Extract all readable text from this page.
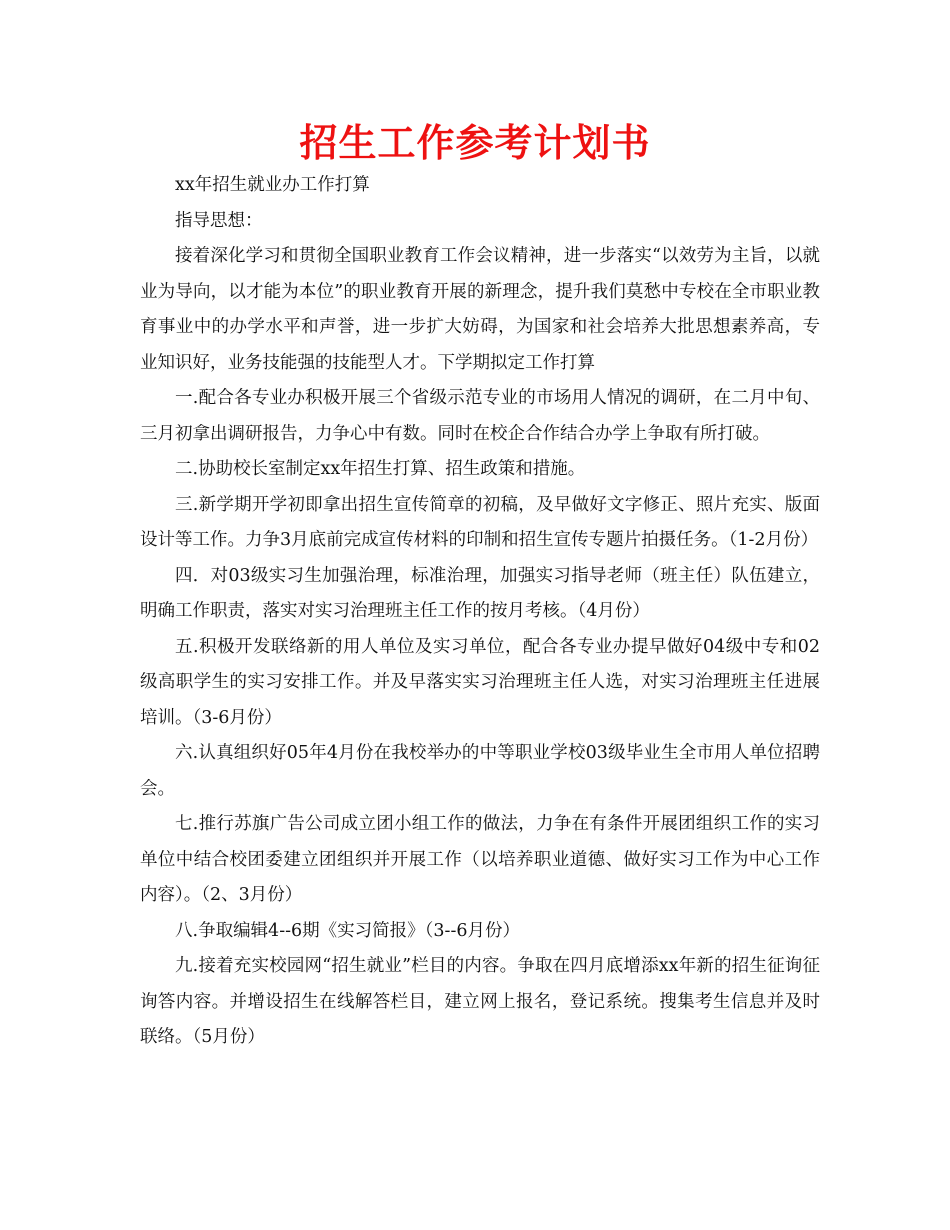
招生工作参考计划书

xx年招生就业办工作打算

指导思想：

接着深化学习和贯彻全国职业教育工作会议精神，进一步落实“以效劳为主旨，以就业为导向，以才能为本位”的职业教育开展的新理念，提升我们莫愁中专校在全市职业教育事业中的办学水平和声誉，进一步扩大妨碍，为国家和社会培养大批思想素养高，专业知识好，业务技能强的技能型人才。下学期拟定工作打算

一.配合各专业办积极开展三个省级示范专业的市场用人情况的调研，在二月中旬、三月初拿出调研报告，力争心中有数。同时在校企合作结合办学上争取有所打破。

二.协助校长室制定xx年招生打算、招生政策和措施。

三.新学期开学初即拿出招生宣传简章的初稿，及早做好文字修正、照片充实、版面设计等工作。力争3月底前完成宣传材料的印制和招生宣传专题片拍摄任务。（1-2月份）

四．对03级实习生加强治理，标准治理，加强实习指导老师（班主任）队伍建立，明确工作职责，落实对实习治理班主任工作的按月考核。（4月份）

五.积极开发联络新的用人单位及实习单位，配合各专业办提早做好04级中专和02级高职学生的实习安排工作。并及早落实实习治理班主任人选，对实习治理班主任进展培训。（3-6月份）

六.认真组织好05年4月份在我校举办的中等职业学校03级毕业生全市用人单位招聘会。

七.推行苏旗广告公司成立团小组工作的做法，力争在有条件开展团组织工作的实习单位中结合校团委建立团组织并开展工作（以培养职业道德、做好实习工作为中心工作内容）。（2、3月份）

八.争取编辑4--6期《实习简报》（3--6月份）

九.接着充实校园网“招生就业”栏目的内容。争取在四月底增添xx年新的招生征询征询答内容。并增设招生在线解答栏目，建立网上报名，登记系统。搜集考生信息并及时联络。（5月份）
